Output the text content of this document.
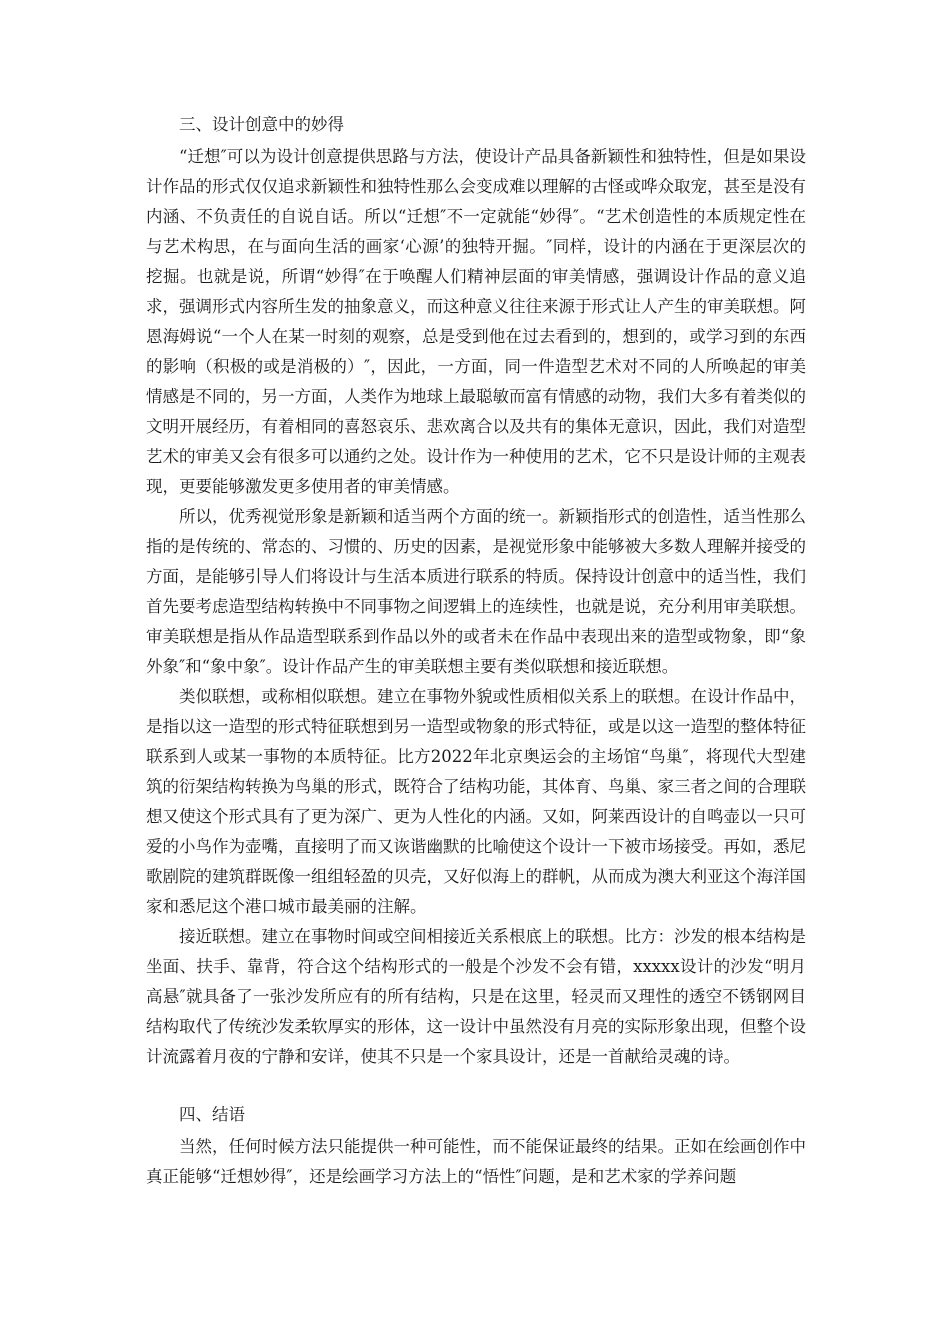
三、设计创意中的妙得

“迁想″可以为设计创意提供思路与方法，使设计产品具备新颖性和独特性，但是如果设计作品的形式仅仅追求新颖性和独特性那么会变成难以理解的古怪或哗众取宠，甚至是没有内涵、不负责任的自说自话。所以“迁想″不一定就能“妙得″。“艺术创造性的本质规定性在与艺术构思，在与面向生活的画家‘心源’的独特开掘。″同样，设计的内涵在于更深层次的挖掘。也就是说，所谓“妙得″在于唤醒人们精神层面的审美情感，强调设计作品的意义追求，强调形式内容所生发的抽象意义，而这种意义往往来源于形式让人产生的审美联想。阿恩海姆说“一个人在某一时刻的观察，总是受到他在过去看到的，想到的，或学习到的东西的影响（积极的或是消极的）″，因此，一方面，同一件造型艺术对不同的人所唤起的审美情感是不同的，另一方面，人类作为地球上最聪敏而富有情感的动物，我们大多有着类似的文明开展经历，有着相同的喜怒哀乐、悲欢离合以及共有的集体无意识，因此，我们对造型艺术的审美又会有很多可以通约之处。设计作为一种使用的艺术，它不只是设计师的主观表现，更要能够激发更多使用者的审美情感。

所以，优秀视觉形象是新颖和适当两个方面的统一。新颖指形式的创造性，适当性那么指的是传统的、常态的、习惯的、历史的因素，是视觉形象中能够被大多数人理解并接受的方面，是能够引导人们将设计与生活本质进行联系的特质。保持设计创意中的适当性，我们首先要考虑造型结构转换中不同事物之间逻辑上的连续性，也就是说，充分利用审美联想。审美联想是指从作品造型联系到作品以外的或者未在作品中表现出来的造型或物象，即“象外象″和“象中象″。设计作品产生的审美联想主要有类似联想和接近联想。

类似联想，或称相似联想。建立在事物外貌或性质相似关系上的联想。在设计作品中，是指以这一造型的形式特征联想到另一造型或物象的形式特征，或是以这一造型的整体特征联系到人或某一事物的本质特征。比方2022年北京奥运会的主场馆“鸟巢″，将现代大型建筑的衍架结构转换为鸟巢的形式，既符合了结构功能，其体育、鸟巢、家三者之间的合理联想又使这个形式具有了更为深广、更为人性化的内涵。又如，阿莱西设计的自鸣壶以一只可爱的小鸟作为壶嘴，直接明了而又诙谐幽默的比喻使这个设计一下被市场接受。再如，悉尼歌剧院的建筑群既像一组组轻盈的贝壳，又好似海上的群帆，从而成为澳大利亚这个海洋国家和悉尼这个港口城市最美丽的注解。

接近联想。建立在事物时间或空间相接近关系根底上的联想。比方：沙发的根本结构是坐面、扶手、靠背，符合这个结构形式的一般是个沙发不会有错，xxxxx设计的沙发“明月高悬″就具备了一张沙发所应有的所有结构，只是在这里，轻灵而又理性的透空不锈钢网目结构取代了传统沙发柔软厚实的形体，这一设计中虽然没有月亮的实际形象出现，但整个设计流露着月夜的宁静和安详，使其不只是一个家具设计，还是一首献给灵魂的诗。

四、结语

当然，任何时候方法只能提供一种可能性，而不能保证最终的结果。正如在绘画创作中真正能够“迁想妙得″，还是绘画学习方法上的“悟性″问题，是和艺术家的学养问题
